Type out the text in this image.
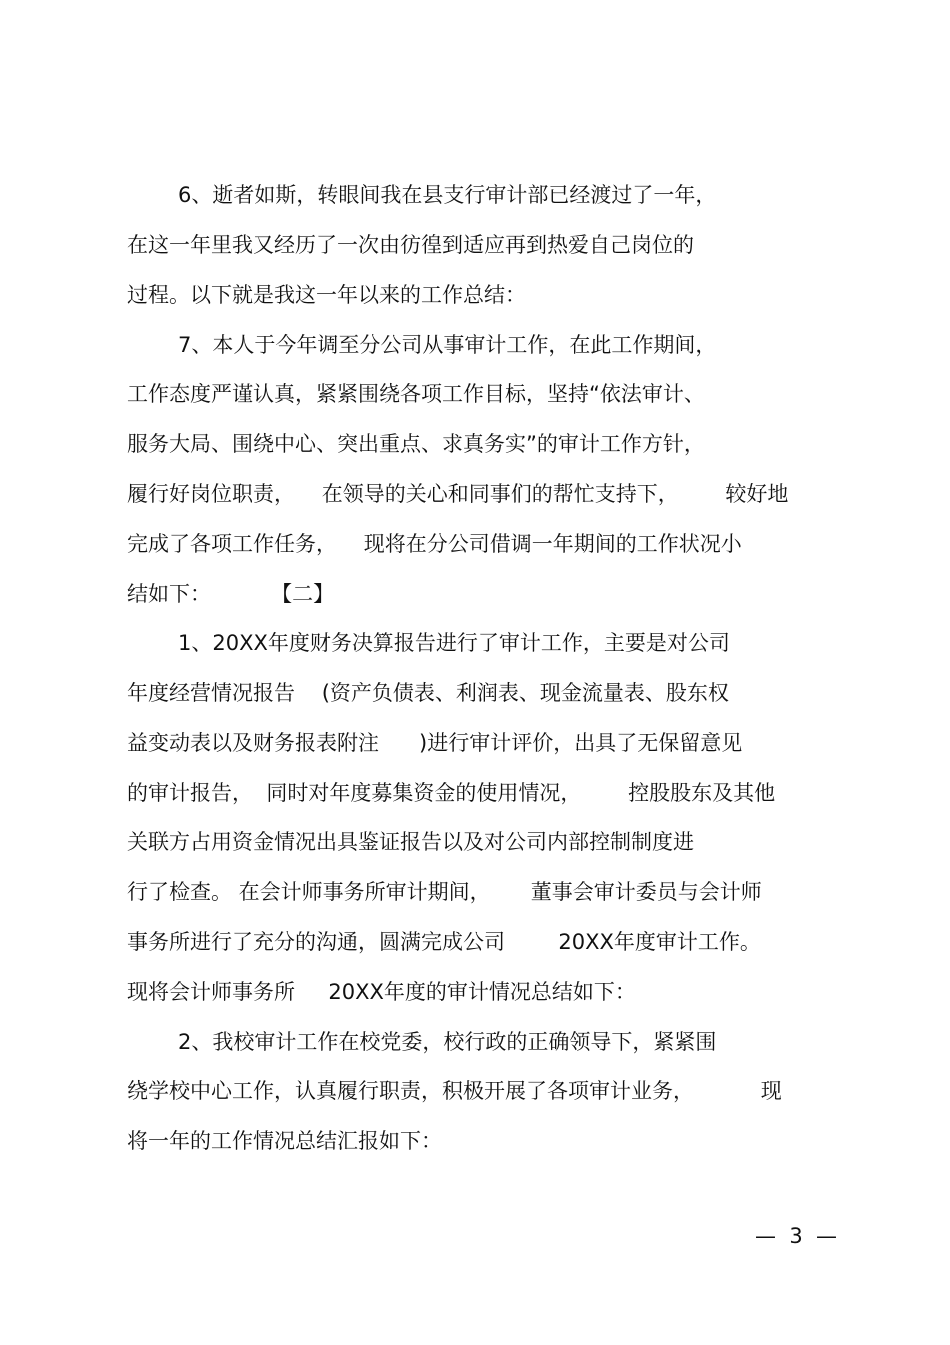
6、逝者如斯，转眼间我在县支行审计部已经渡过了一年，
在这一年里我又经历了一次由彷徨到适应再到热爱自己岗位的
过程。以下就是我这一年以来的工作总结：
7、本人于今年调至分公司从事审计工作，在此工作期间，
工作态度严谨认真，紧紧围绕各项工作目标，坚持“依法审计、
服务大局、围绕中心、突出重点、求真务实”的审计工作方针，
履行好岗位职责，    在领导的关心和同事们的帮忙支持下，       较好地
完成了各项工作任务，    现将在分公司借调一年期间的工作状况小
结如下：         【二】
1、20XX年度财务决算报告进行了审计工作，主要是对公司
年度经营情况报告    (资产负债表、利润表、现金流量表、股东权
益变动表以及财务报表附注      )进行审计评价，出具了无保留意见
的审计报告，  同时对年度募集资金的使用情况，       控股股东及其他
关联方占用资金情况出具鉴证报告以及对公司内部控制制度进
行了检查。 在会计师事务所审计期间，      董事会审计委员与会计师
事务所进行了充分的沟通，圆满完成公司        20XX年度审计工作。
现将会计师事务所     20XX年度的审计情况总结如下：
2、我校审计工作在校党委，校行政的正确领导下，紧紧围
绕学校中心工作，认真履行职责，积极开展了各项审计业务，          现
将一年的工作情况总结汇报如下：
—  3  —
